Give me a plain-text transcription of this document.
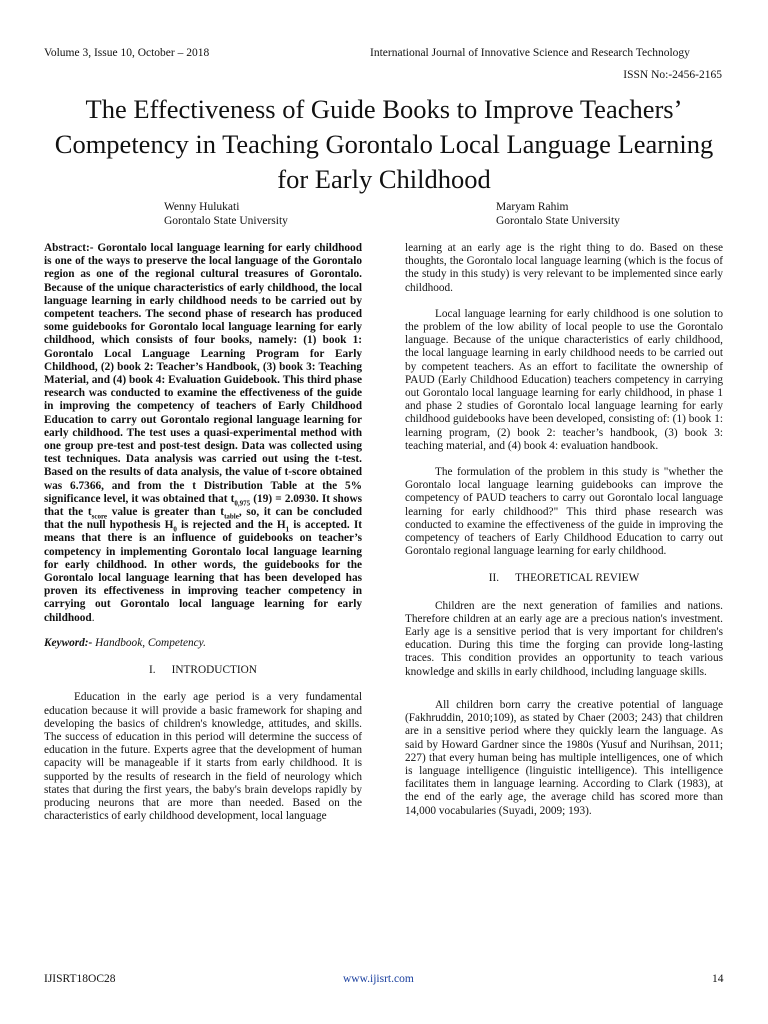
Volume 3, Issue 10, October – 2018	International Journal of Innovative Science and Research Technology
ISSN No:-2456-2165
The Effectiveness of Guide Books to Improve Teachers’ Competency in Teaching Gorontalo Local Language Learning for Early Childhood
Wenny Hulukati
Gorontalo State University
Maryam Rahim
Gorontalo State University

Abstract:- Gorontalo local language learning for early childhood is one of the ways to preserve the local language of the Gorontalo region as one of the regional cultural treasures of Gorontalo. Because of the unique characteristics of early childhood, the local language learning in early childhood needs to be carried out by competent teachers. The second phase of research has produced some guidebooks for Gorontalo local language learning for early childhood, which consists of four books, namely: (1) book 1: Gorontalo Local Language Learning Program for Early Childhood, (2) book 2: Teacher’s Handbook, (3) book 3: Teaching Material, and (4) book 4: Evaluation Guidebook. This third phase research was conducted to examine the effectiveness of the guide in improving the competency of teachers of Early Childhood Education to carry out Gorontalo regional language learning for early childhood. The test uses a quasi-experimental method with one group pre-test and post-test design. Data was collected using test techniques. Data analysis was carried out using the t-test. Based on the results of data analysis, the value of t-score obtained was 6.7366, and from the t Distribution Table at the 5% significance level, it was obtained that $t_{0,975}$ (19) = 2.0930. It shows that the $t_{score}$ value is greater than $t_{table}$, so, it can be concluded that the null hypothesis $H_0$ is rejected and the $H_1$ is accepted. It means that there is an influence of guidebooks on teacher’s competency in implementing Gorontalo local language learning for early childhood. In other words, the guidebooks for the Gorontalo local language learning that has been developed has proven its effectiveness in improving teacher competency in carrying out Gorontalo local language learning for early childhood.

Keyword:- Handbook, Competency.

I. INTRODUCTION

Education in the early age period is a very fundamental education because it will provide a basic framework for shaping and developing the basics of children's knowledge, attitudes, and skills. The success of education in this period will determine the success of education in the future. Experts agree that the development of human capacity will be manageable if it starts from early childhood. It is supported by the results of research in the field of neurology which states that during the first years, the baby's brain develops rapidly by producing neurons that are more than needed. Based on the characteristics of early childhood development, local language

learning at an early age is the right thing to do. Based on these thoughts, the Gorontalo local language learning (which is the focus of the study in this study) is very relevant to be implemented since early childhood.

Local language learning for early childhood is one solution to the problem of the low ability of local people to use the Gorontalo language. Because of the unique characteristics of early childhood, the local language learning in early childhood needs to be carried out by competent teachers. As an effort to facilitate the ownership of PAUD (Early Childhood Education) teachers competency in carrying out Gorontalo local language learning for early childhood, in phase 1 and phase 2 studies of Gorontalo local language learning for early childhood guidebooks have been developed, consisting of: (1) book 1: learning program, (2) book 2: teacher’s handbook, (3) book 3: teaching material, and (4) book 4: evaluation handbook.

The formulation of the problem in this study is "whether the Gorontalo local language learning guidebooks can improve the competency of PAUD teachers to carry out Gorontalo local language learning for early childhood?" This third phase research was conducted to examine the effectiveness of the guide in improving the competency of teachers of Early Childhood Education to carry out Gorontalo regional language learning for early childhood.

II. THEORETICAL REVIEW

Children are the next generation of families and nations. Therefore children at an early age are a precious nation's investment. Early age is a sensitive period that is very important for children's education. During this time the forging can provide long-lasting traces. This condition provides an opportunity to teach various knowledge and skills in early childhood, including language skills.

All children born carry the creative potential of language (Fakhruddin, 2010;109), as stated by Chaer (2003; 243) that children are in a sensitive period where they quickly learn the language. As said by Howard Gardner since the 1980s (Yusuf and Nurihsan, 2011; 227) that every human being has multiple intelligences, one of which is language intelligence (linguistic intelligence). This intelligence facilitates them in language learning. According to Clark (1983), at the end of the early age, the average child has scored more than 14,000 vocabularies (Suyadi, 2009; 193).

IJISRT18OC28	www.ijisrt.com	14
